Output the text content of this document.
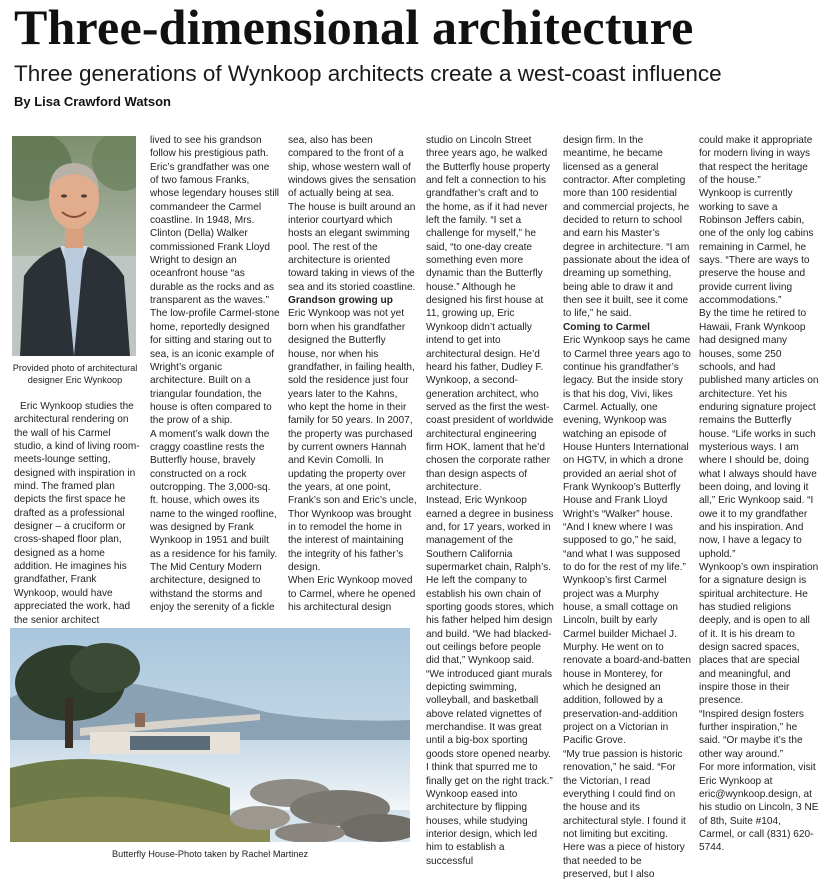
Three-dimensional architecture
Three generations of Wynkoop architects create a west-coast influence
By Lisa Crawford Watson
Provided photo of architectural designer Eric Wynkoop

Eric Wynkoop studies the architectural rendering on the wall of his Carmel studio, a kind of living room-meets-lounge setting, designed with inspiration in mind. The framed plan depicts the first space he drafted as a professional designer – a cruciform or cross-shaped floor plan, designed as a home addition. He imagines his grandfather, Frank Wynkoop, would have appreciated the work, had the senior architect

lived to see his grandson follow his prestigious path. Eric’s grandfather was one of two famous Franks, whose legendary houses still commandeer the Carmel coastline. In 1948, Mrs. Clinton (Della) Walker commissioned Frank Lloyd Wright to design an oceanfront house “as durable as the rocks and as transparent as the waves.” The low-profile Carmel-stone home, reportedly designed for sitting and staring out to sea, is an iconic example of Wright’s organic architecture. Built on a triangular foundation, the house is often compared to the prow of a ship.

A moment’s walk down the craggy coastline rests the Butterfly house, bravely constructed on a rock outcropping. The 3,000-sq. ft. house, which owes its name to the winged roofline, was designed by Frank Wynkoop in 1951 and built as a residence for his family.

The Mid Century Modern architecture, designed to withstand the storms and enjoy the serenity of a fickle

sea, also has been compared to the front of a ship, whose western wall of windows gives the sensation of actually being at sea.

The house is built around an interior courtyard which hosts an elegant swimming pool. The rest of the architecture is oriented toward taking in views of the sea and its storied coastline.

Grandson growing up

Eric Wynkoop was not yet born when his grandfather designed the Butterfly house, nor when his grandfather, in failing health, sold the residence just four years later to the Kahns, who kept the home in their family for 50 years. In 2007, the property was purchased by current owners Hannah and Kevin Comolli. In updating the property over the years, at one point, Frank’s son and Eric’s uncle, Thor Wynkoop was brought in to remodel the home in the interest of maintaining the integrity of his father’s design.

When Eric Wynkoop moved to Carmel, where he opened his architectural design

studio on Lincoln Street three years ago, he walked the Butterfly house property and felt a connection to his grandfather’s craft and to the home, as if it had never left the family. “I set a challenge for myself,” he said, “to one-day create something even more dynamic than the Butterfly house.” Although he designed his first house at 11, growing up, Eric Wynkoop didn’t actually intend to get into architectural design. He’d heard his father, Dudley F. Wynkoop, a second-generation architect, who served as the first the west-coast president of worldwide architectural engineering firm HOK, lament that he’d chosen the corporate rather than design aspects of architecture.

Instead, Eric Wynkoop earned a degree in business and, for 17 years, worked in management of the Southern California supermarket chain, Ralph’s. He left the company to establish his own chain of sporting goods stores, which his father helped him design and build. “We had blacked-out ceilings before people did that,” Wynkoop said. “We introduced giant murals depicting swimming, volleyball, and basketball above related vignettes of merchandise. It was great until a big-box sporting goods store opened nearby. I think that spurred me to finally get on the right track.” Wynkoop eased into architecture by flipping houses, while studying interior design, which led him to establish a successful

design firm. In the meantime, he became licensed as a general contractor. After completing more than 100 residential and commercial projects, he decided to return to school and earn his Master’s degree in architecture. “I am passionate about the idea of dreaming up something, being able to draw it and then see it built, see it come to life,” he said.

Coming to Carmel

Eric Wynkoop says he came to Carmel three years ago to continue his grandfather’s legacy. But the inside story is that his dog, Vivi, likes Carmel. Actually, one evening, Wynkoop was watching an episode of House Hunters International on HGTV, in which a drone provided an aerial shot of Frank Wynkoop’s Butterfly House and Frank Lloyd Wright’s “Walker” house. “And I knew where I was supposed to go,” he said, “and what I was supposed to do for the rest of my life.”

Wynkoop’s first Carmel project was a Murphy house, a small cottage on Lincoln, built by early Carmel builder Michael J. Murphy. He went on to renovate a board-and-batten house in Monterey, for which he designed an addition, followed by a preservation-and-addition project on a Victorian in Pacific Grove.

“My true passion is historic renovation,” he said. “For the Victorian, I read everything I could find on the house and its architectural style. I found it not limiting but exciting. Here was a piece of history that needed to be preserved, but I also

could make it appropriate for modern living in ways that respect the heritage of the house.”

Wynkoop is currently working to save a Robinson Jeffers cabin, one of the only log cabins remaining in Carmel, he says. “There are ways to preserve the house and provide current living accommodations.”

By the time he retired to Hawaii, Frank Wynkoop had designed many houses, some 250 schools, and had published many articles on architecture. Yet his enduring signature project remains the Butterfly house. “Life works in such mysterious ways. I am where I should be, doing what I always should have been doing, and loving it all,” Eric Wynkoop said. “I owe it to my grandfather and his inspiration. And now, I have a legacy to uphold.”

Wynkoop’s own inspiration for a signature design is spiritual architecture. He has studied religions deeply, and is open to all of it. It is his dream to design sacred spaces, places that are special and meaningful, and inspire those in their presence.

“Inspired design fosters further inspiration,” he said. “Or maybe it’s the other way around.”

For more information, visit Eric Wynkoop at eric@wynkoop.design, at his studio on Lincoln, 3 NE of 8th, Suite #104, Carmel, or call (831) 620-5744.

Butterfly House-Photo taken by Rachel Martinez
